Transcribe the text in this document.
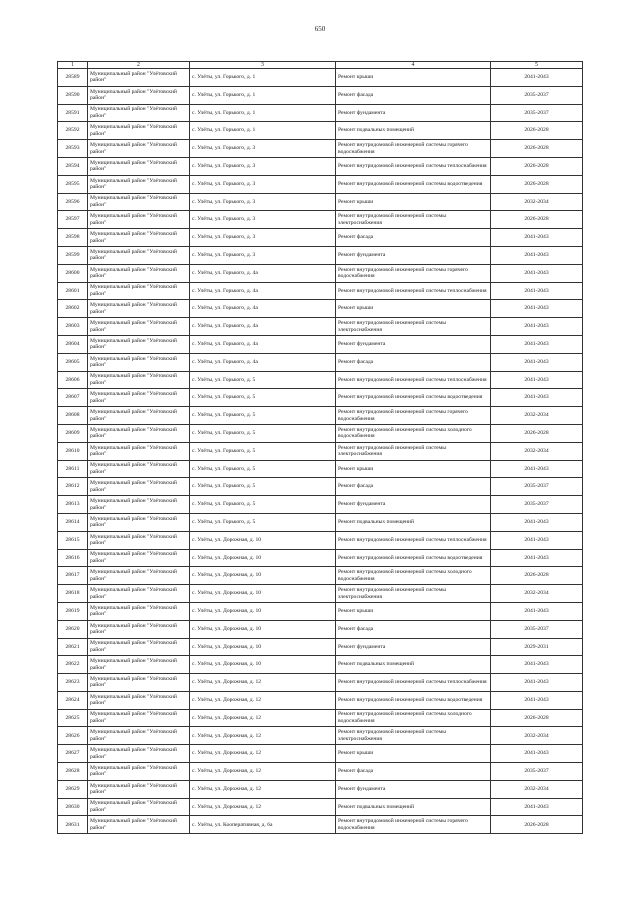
650
1	2	3	4	5
28589	Муниципальный район "Улётовский район"	с. Улёты, ул. Горького, д. 1	Ремонт крыши	2041-2043
28590	Муниципальный район "Улётовский район"	с. Улёты, ул. Горького, д. 1	Ремонт фасада	2035-2037
28591	Муниципальный район "Улётовский район"	с. Улёты, ул. Горького, д. 1	Ремонт фундамента	2035-2037
28592	Муниципальный район "Улётовский район"	с. Улёты, ул. Горького, д. 1	Ремонт подвальных помещений	2026-2028
28593	Муниципальный район "Улётовский район"	с. Улёты, ул. Горького, д. 3	Ремонт внутридомовой инженерной системы горячего водоснабжения	2026-2028
28594	Муниципальный район "Улётовский район"	с. Улёты, ул. Горького, д. 3	Ремонт внутридомовой инженерной системы теплоснабжения	2026-2028
28595	Муниципальный район "Улётовский район"	с. Улёты, ул. Горького, д. 3	Ремонт внутридомовой инженерной системы водоотведения	2026-2028
28596	Муниципальный район "Улётовский район"	с. Улёты, ул. Горького, д. 3	Ремонт крыши	2032-2034
28597	Муниципальный район "Улётовский район"	с. Улёты, ул. Горького, д. 3	Ремонт внутридомовой инженерной системы электроснабжения	2026-2028
28598	Муниципальный район "Улётовский район"	с. Улёты, ул. Горького, д. 3	Ремонт фасада	2041-2043
28599	Муниципальный район "Улётовский район"	с. Улёты, ул. Горького, д. 3	Ремонт фундамента	2041-2043
28600	Муниципальный район "Улётовский район"	с. Улёты, ул. Горького, д. 4а	Ремонт внутридомовой инженерной системы горячего водоснабжения	2041-2043
28601	Муниципальный район "Улётовский район"	с. Улёты, ул. Горького, д. 4а	Ремонт внутридомовой инженерной системы теплоснабжения	2041-2043
28602	Муниципальный район "Улётовский район"	с. Улёты, ул. Горького, д. 4а	Ремонт крыши	2041-2043
28603	Муниципальный район "Улётовский район"	с. Улёты, ул. Горького, д. 4а	Ремонт внутридомовой инженерной системы электроснабжения	2041-2043
28604	Муниципальный район "Улётовский район"	с. Улёты, ул. Горького, д. 4а	Ремонт фундамента	2041-2043
28605	Муниципальный район "Улётовский район"	с. Улёты, ул. Горького, д. 4а	Ремонт фасада	2041-2043
28606	Муниципальный район "Улётовский район"	с. Улёты, ул. Горького, д. 5	Ремонт внутридомовой инженерной системы теплоснабжения	2041-2043
28607	Муниципальный район "Улётовский район"	с. Улёты, ул. Горького, д. 5	Ремонт внутридомовой инженерной системы водоотведения	2041-2043
28608	Муниципальный район "Улётовский район"	с. Улёты, ул. Горького, д. 5	Ремонт внутридомовой инженерной системы горячего водоснабжения	2032-2034
28609	Муниципальный район "Улётовский район"	с. Улёты, ул. Горького, д. 5	Ремонт внутридомовой инженерной системы холодного водоснабжения	2026-2028
28610	Муниципальный район "Улётовский район"	с. Улёты, ул. Горького, д. 5	Ремонт внутридомовой инженерной системы электроснабжения	2032-2034
28611	Муниципальный район "Улётовский район"	с. Улёты, ул. Горького, д. 5	Ремонт крыши	2041-2043
28612	Муниципальный район "Улётовский район"	с. Улёты, ул. Горького, д. 5	Ремонт фасада	2035-2037
28613	Муниципальный район "Улётовский район"	с. Улёты, ул. Горького, д. 5	Ремонт фундамента	2035-2037
28614	Муниципальный район "Улётовский район"	с. Улёты, ул. Горького, д. 5	Ремонт подвальных помещений	2041-2043
28615	Муниципальный район "Улётовский район"	с. Улёты, ул. Дорожная, д. 10	Ремонт внутридомовой инженерной системы теплоснабжения	2041-2043
28616	Муниципальный район "Улётовский район"	с. Улёты, ул. Дорожная, д. 10	Ремонт внутридомовой инженерной системы водоотведения	2041-2043
28617	Муниципальный район "Улётовский район"	с. Улёты, ул. Дорожная, д. 10	Ремонт внутридомовой инженерной системы холодного водоснабжения	2026-2028
28618	Муниципальный район "Улётовский район"	с. Улёты, ул. Дорожная, д. 10	Ремонт внутридомовой инженерной системы электроснабжения	2032-2034
28619	Муниципальный район "Улётовский район"	с. Улёты, ул. Дорожная, д. 10	Ремонт крыши	2041-2043
28620	Муниципальный район "Улётовский район"	с. Улёты, ул. Дорожная, д. 10	Ремонт фасада	2035-2037
28621	Муниципальный район "Улётовский район"	с. Улёты, ул. Дорожная, д. 10	Ремонт фундамента	2029-2031
28622	Муниципальный район "Улётовский район"	с. Улёты, ул. Дорожная, д. 10	Ремонт подвальных помещений	2041-2043
28623	Муниципальный район "Улётовский район"	с. Улёты, ул. Дорожная, д. 12	Ремонт внутридомовой инженерной системы теплоснабжения	2041-2043
28624	Муниципальный район "Улётовский район"	с. Улёты, ул. Дорожная, д. 12	Ремонт внутридомовой инженерной системы водоотведения	2041-2043
28625	Муниципальный район "Улётовский район"	с. Улёты, ул. Дорожная, д. 12	Ремонт внутридомовой инженерной системы холодного водоснабжения	2026-2028
28626	Муниципальный район "Улётовский район"	с. Улёты, ул. Дорожная, д. 12	Ремонт внутридомовой инженерной системы электроснабжения	2032-2034
28627	Муниципальный район "Улётовский район"	с. Улёты, ул. Дорожная, д. 12	Ремонт крыши	2041-2043
28628	Муниципальный район "Улётовский район"	с. Улёты, ул. Дорожная, д. 12	Ремонт фасада	2035-2037
28629	Муниципальный район "Улётовский район"	с. Улёты, ул. Дорожная, д. 12	Ремонт фундамента	2032-2034
28630	Муниципальный район "Улётовский район"	с. Улёты, ул. Дорожная, д. 12	Ремонт подвальных помещений	2041-2043
28631	Муниципальный район "Улётовский район"	с. Улёты, ул. Кооперативная, д. 6а	Ремонт внутридомовой инженерной системы горячего водоснабжения	2026-2028
